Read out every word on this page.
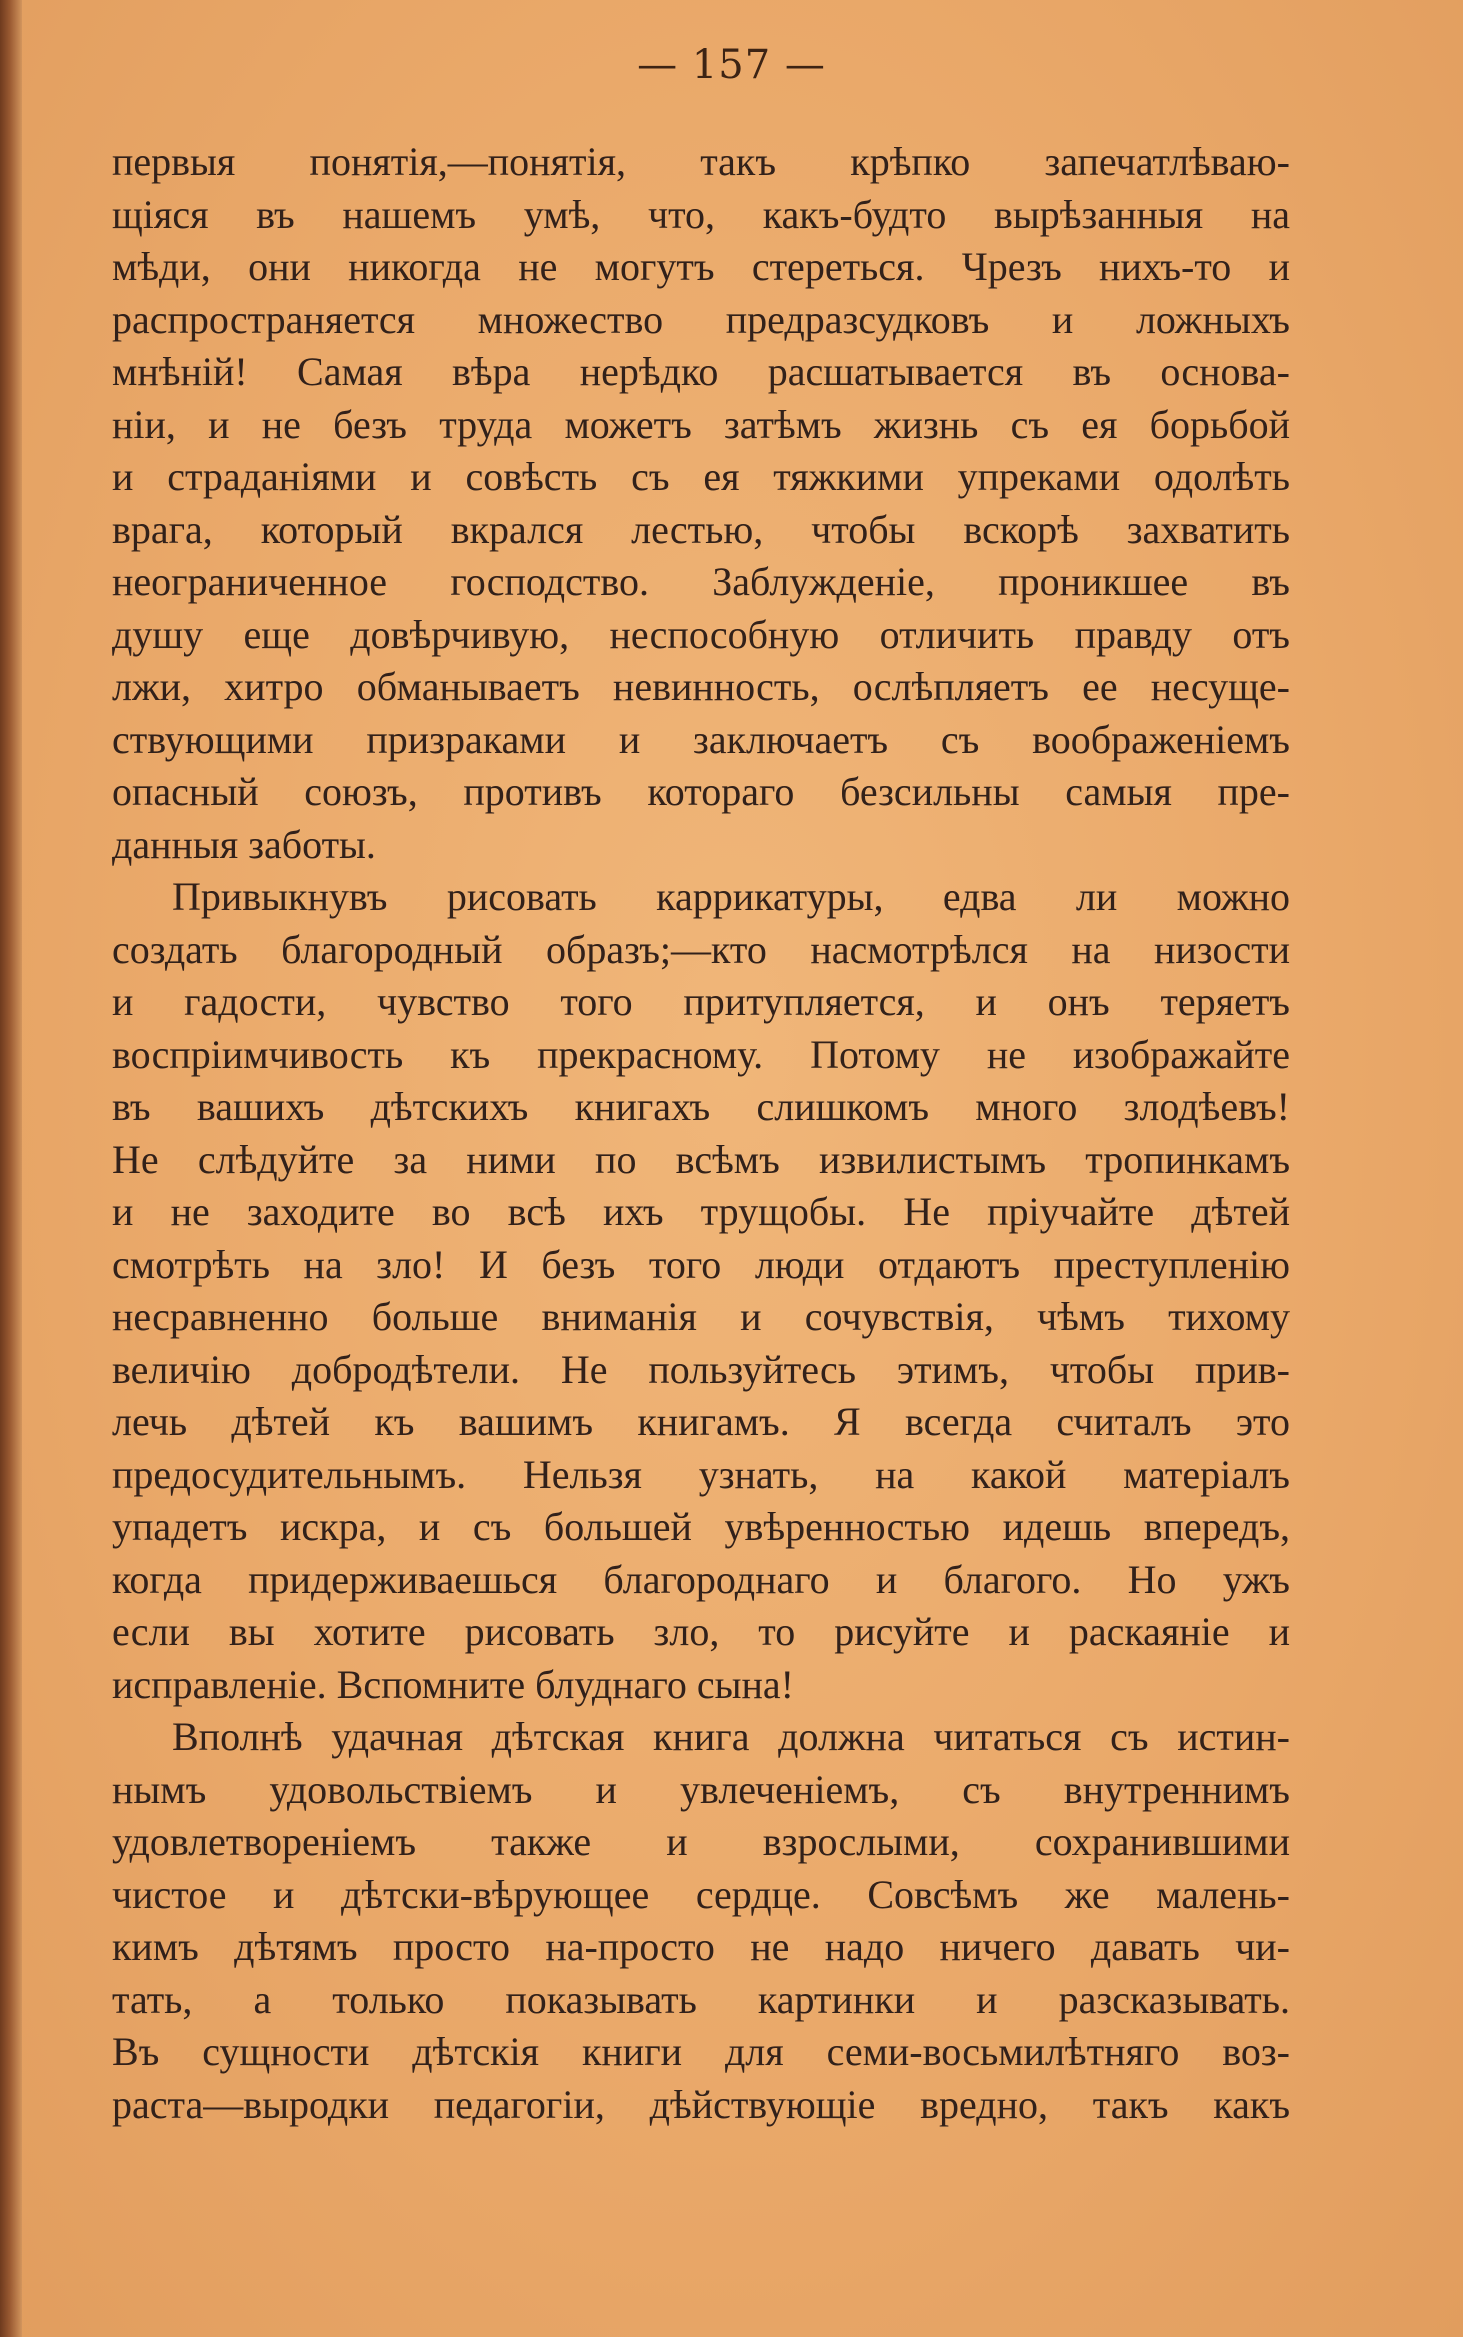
— 157 —
первыя понятія,—понятія, такъ крѣпко запечатлѣваю-
щіяся въ нашемъ умѣ, что, какъ-будто вырѣзанныя на
мѣди, они никогда не могутъ стереться. Чрезъ нихъ-то и
распространяется множество предразсудковъ и ложныхъ
мнѣній! Самая вѣра нерѣдко расшатывается въ основа-
ніи, и не безъ труда можетъ затѣмъ жизнь съ ея борьбой
и страданіями и совѣсть съ ея тяжкими упреками одолѣть
врага, который вкрался лестью, чтобы вскорѣ захватить
неограниченное господство. Заблужденіе, проникшее въ
душу еще довѣрчивую, неспособную отличить правду отъ
лжи, хитро обманываетъ невинность, ослѣпляетъ ее несуще-
ствующими призраками и заключаетъ съ воображеніемъ
опасный союзъ, противъ котораго безсильны самыя пре-
данныя заботы.
Привыкнувъ рисовать каррикатуры, едва ли можно
создать благородный образъ;—кто насмотрѣлся на низости
и гадости, чувство того притупляется, и онъ теряетъ
воспріимчивость къ прекрасному. Потому не изображайте
въ вашихъ дѣтскихъ книгахъ слишкомъ много злодѣевъ!
Не слѣдуйте за ними по всѣмъ извилистымъ тропинкамъ
и не заходите во всѣ ихъ трущобы. Не пріучайте дѣтей
смотрѣть на зло! И безъ того люди отдаютъ преступленію
несравненно больше вниманія и сочувствія, чѣмъ тихому
величію добродѣтели. Не пользуйтесь этимъ, чтобы прив-
лечь дѣтей къ вашимъ книгамъ. Я всегда считалъ это
предосудительнымъ. Нельзя узнать, на какой матеріалъ
упадетъ искра, и съ большей увѣренностью идешь впередъ,
когда придерживаешься благороднаго и благого. Но ужъ
если вы хотите рисовать зло, то рисуйте и раскаяніе и
исправленіе. Вспомните блуднаго сына!
Вполнѣ удачная дѣтская книга должна читаться съ истин-
нымъ удовольствіемъ и увлеченіемъ, съ внутреннимъ
удовлетвореніемъ также и взрослыми, сохранившими
чистое и дѣтски-вѣрующее сердце. Совсѣмъ же малень-
кимъ дѣтямъ просто на-просто не надо ничего давать чи-
тать, а только показывать картинки и разсказывать.
Въ сущности дѣтскія книги для семи-восьмилѣтняго воз-
раста—выродки педагогіи, дѣйствующіе вредно, такъ какъ
